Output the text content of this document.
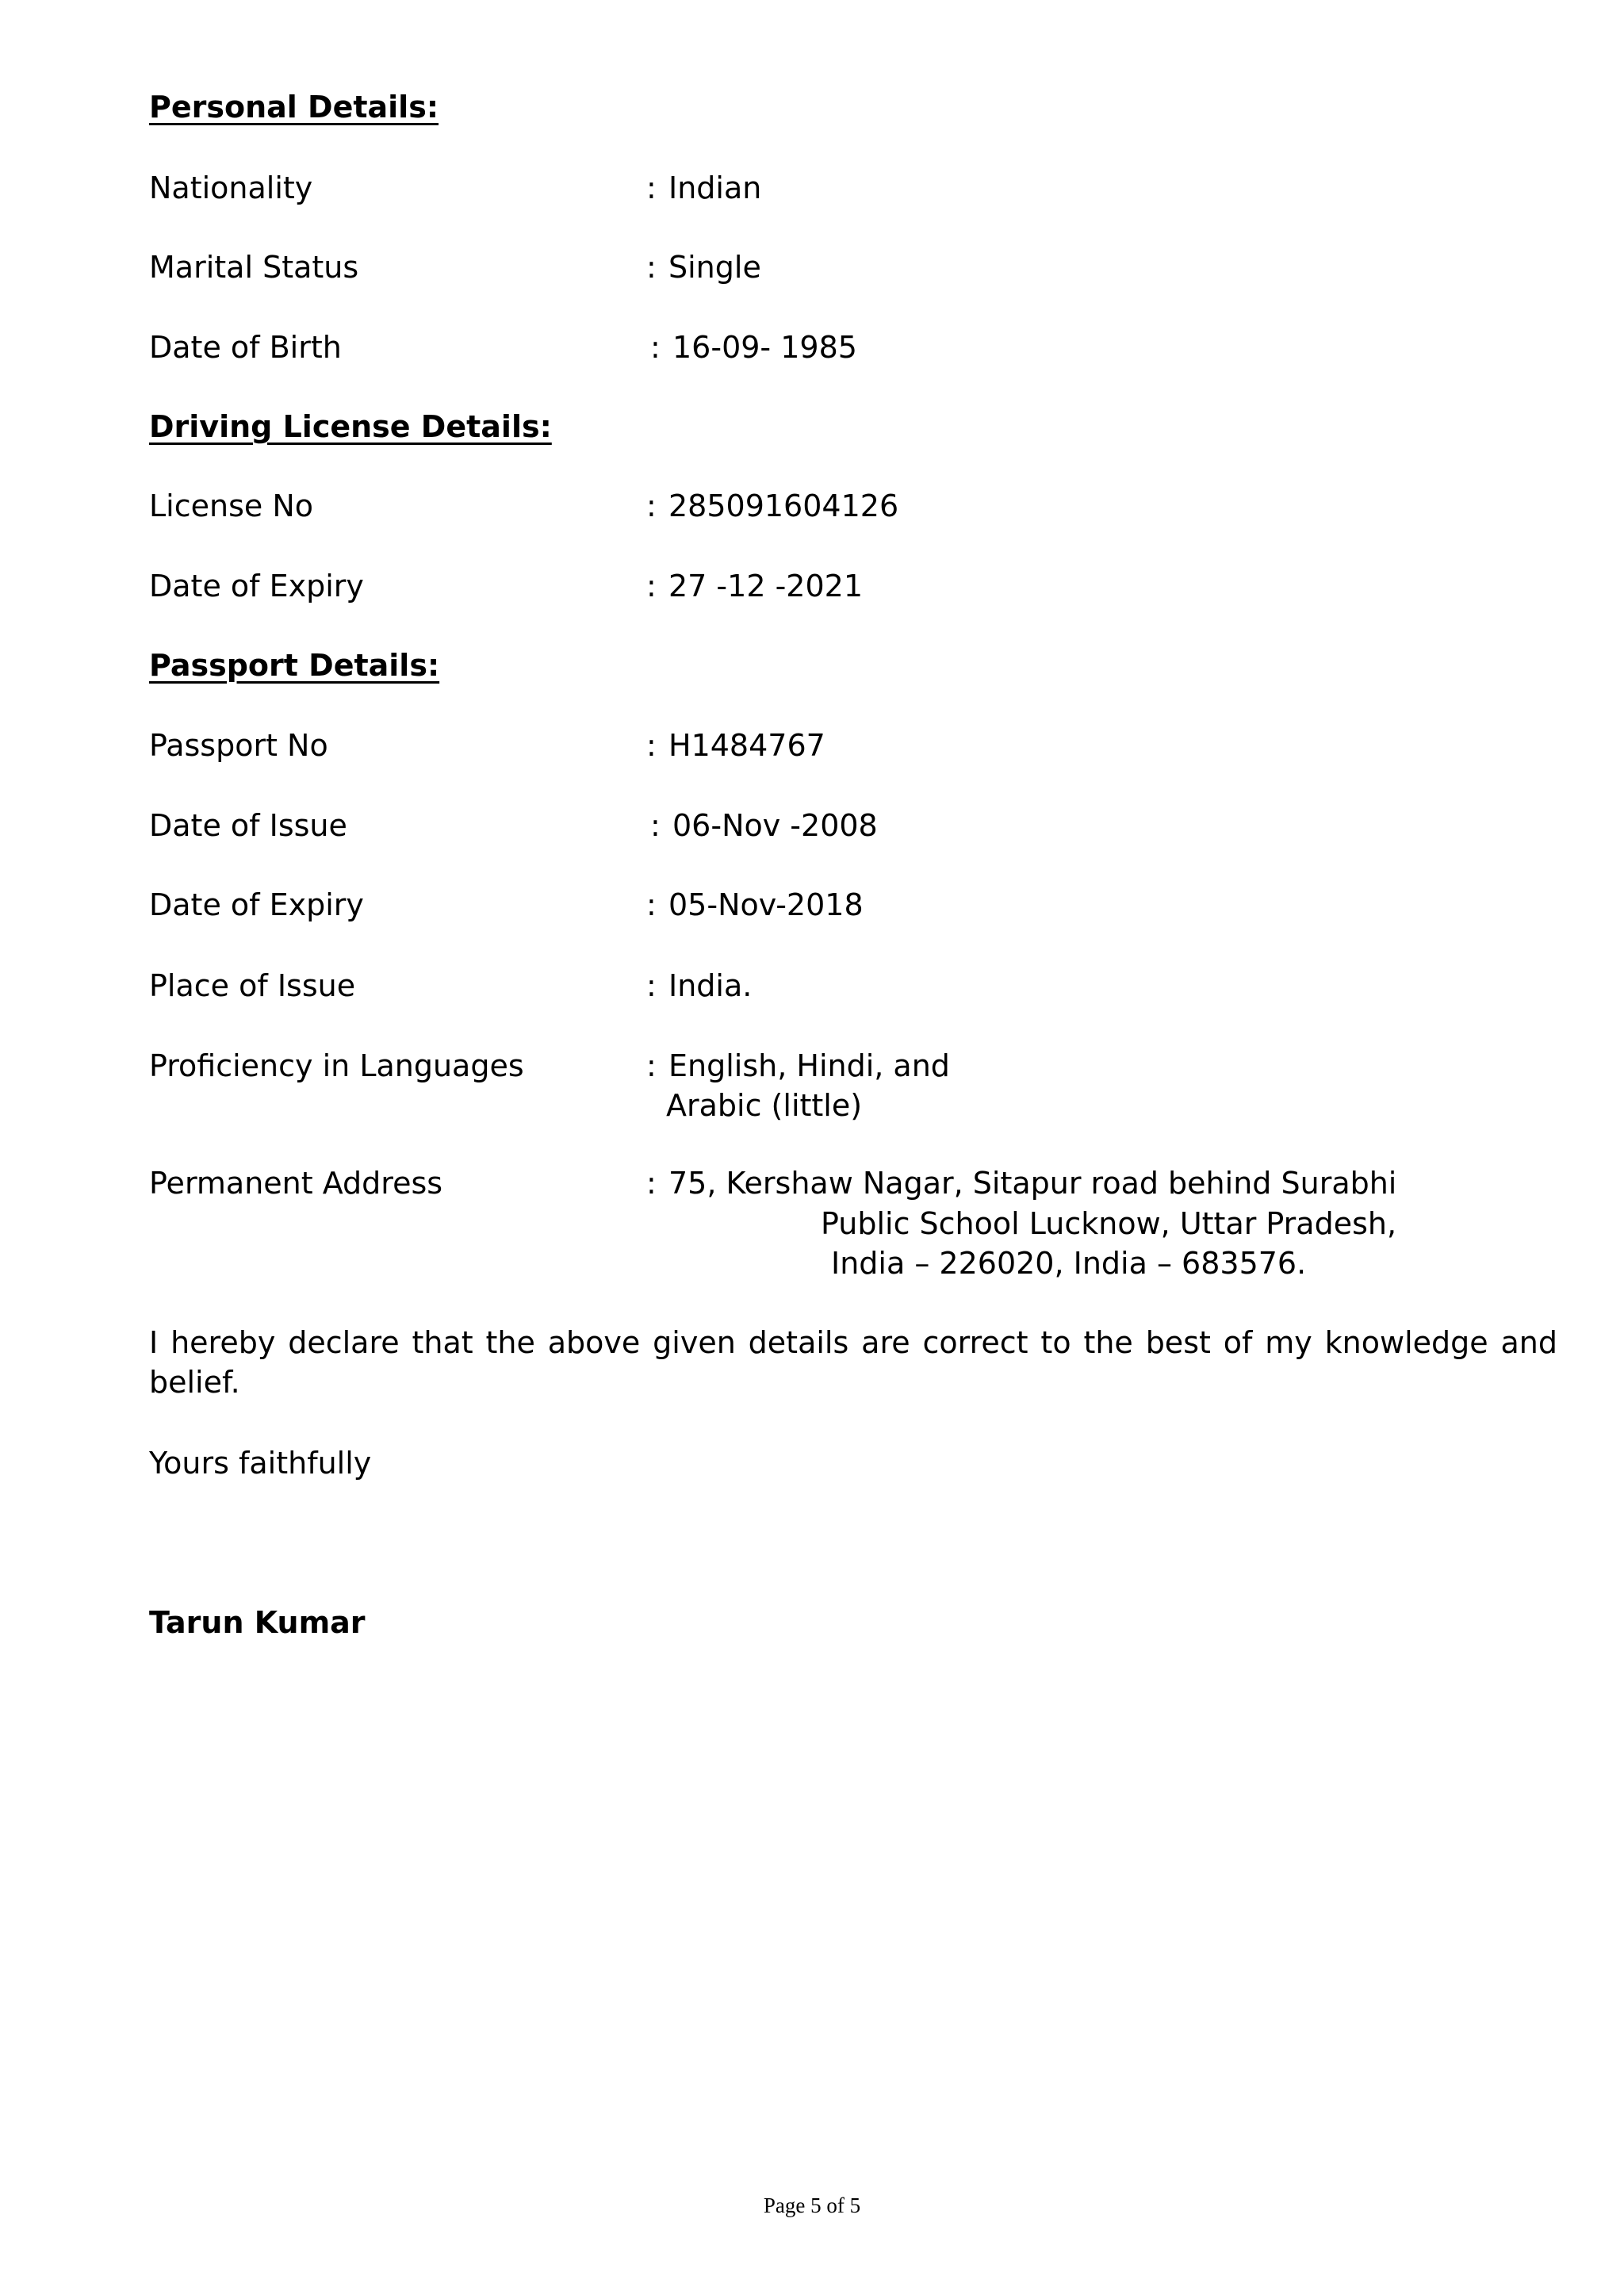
Personal Details:
Nationality	: Indian
Marital Status	: Single
Date of Birth	: 16-09- 1985
Driving License Details:
License No	: 285091604126
Date of Expiry	: 27 -12 -2021
Passport Details:
Passport No	: H1484767
Date of Issue	: 06-Nov -2008
Date of Expiry	: 05-Nov-2018
Place of Issue	: India.
Proficiency in Languages	: English, Hindi, and
Arabic (little)
Permanent Address	: 75, Kershaw Nagar, Sitapur road behind Surabhi
Public School Lucknow, Uttar Pradesh,
India – 226020, India – 683576.
I hereby declare that the above given details are correct to the best of my knowledge and belief.
Yours faithfully
Tarun Kumar
Page 5 of 5
